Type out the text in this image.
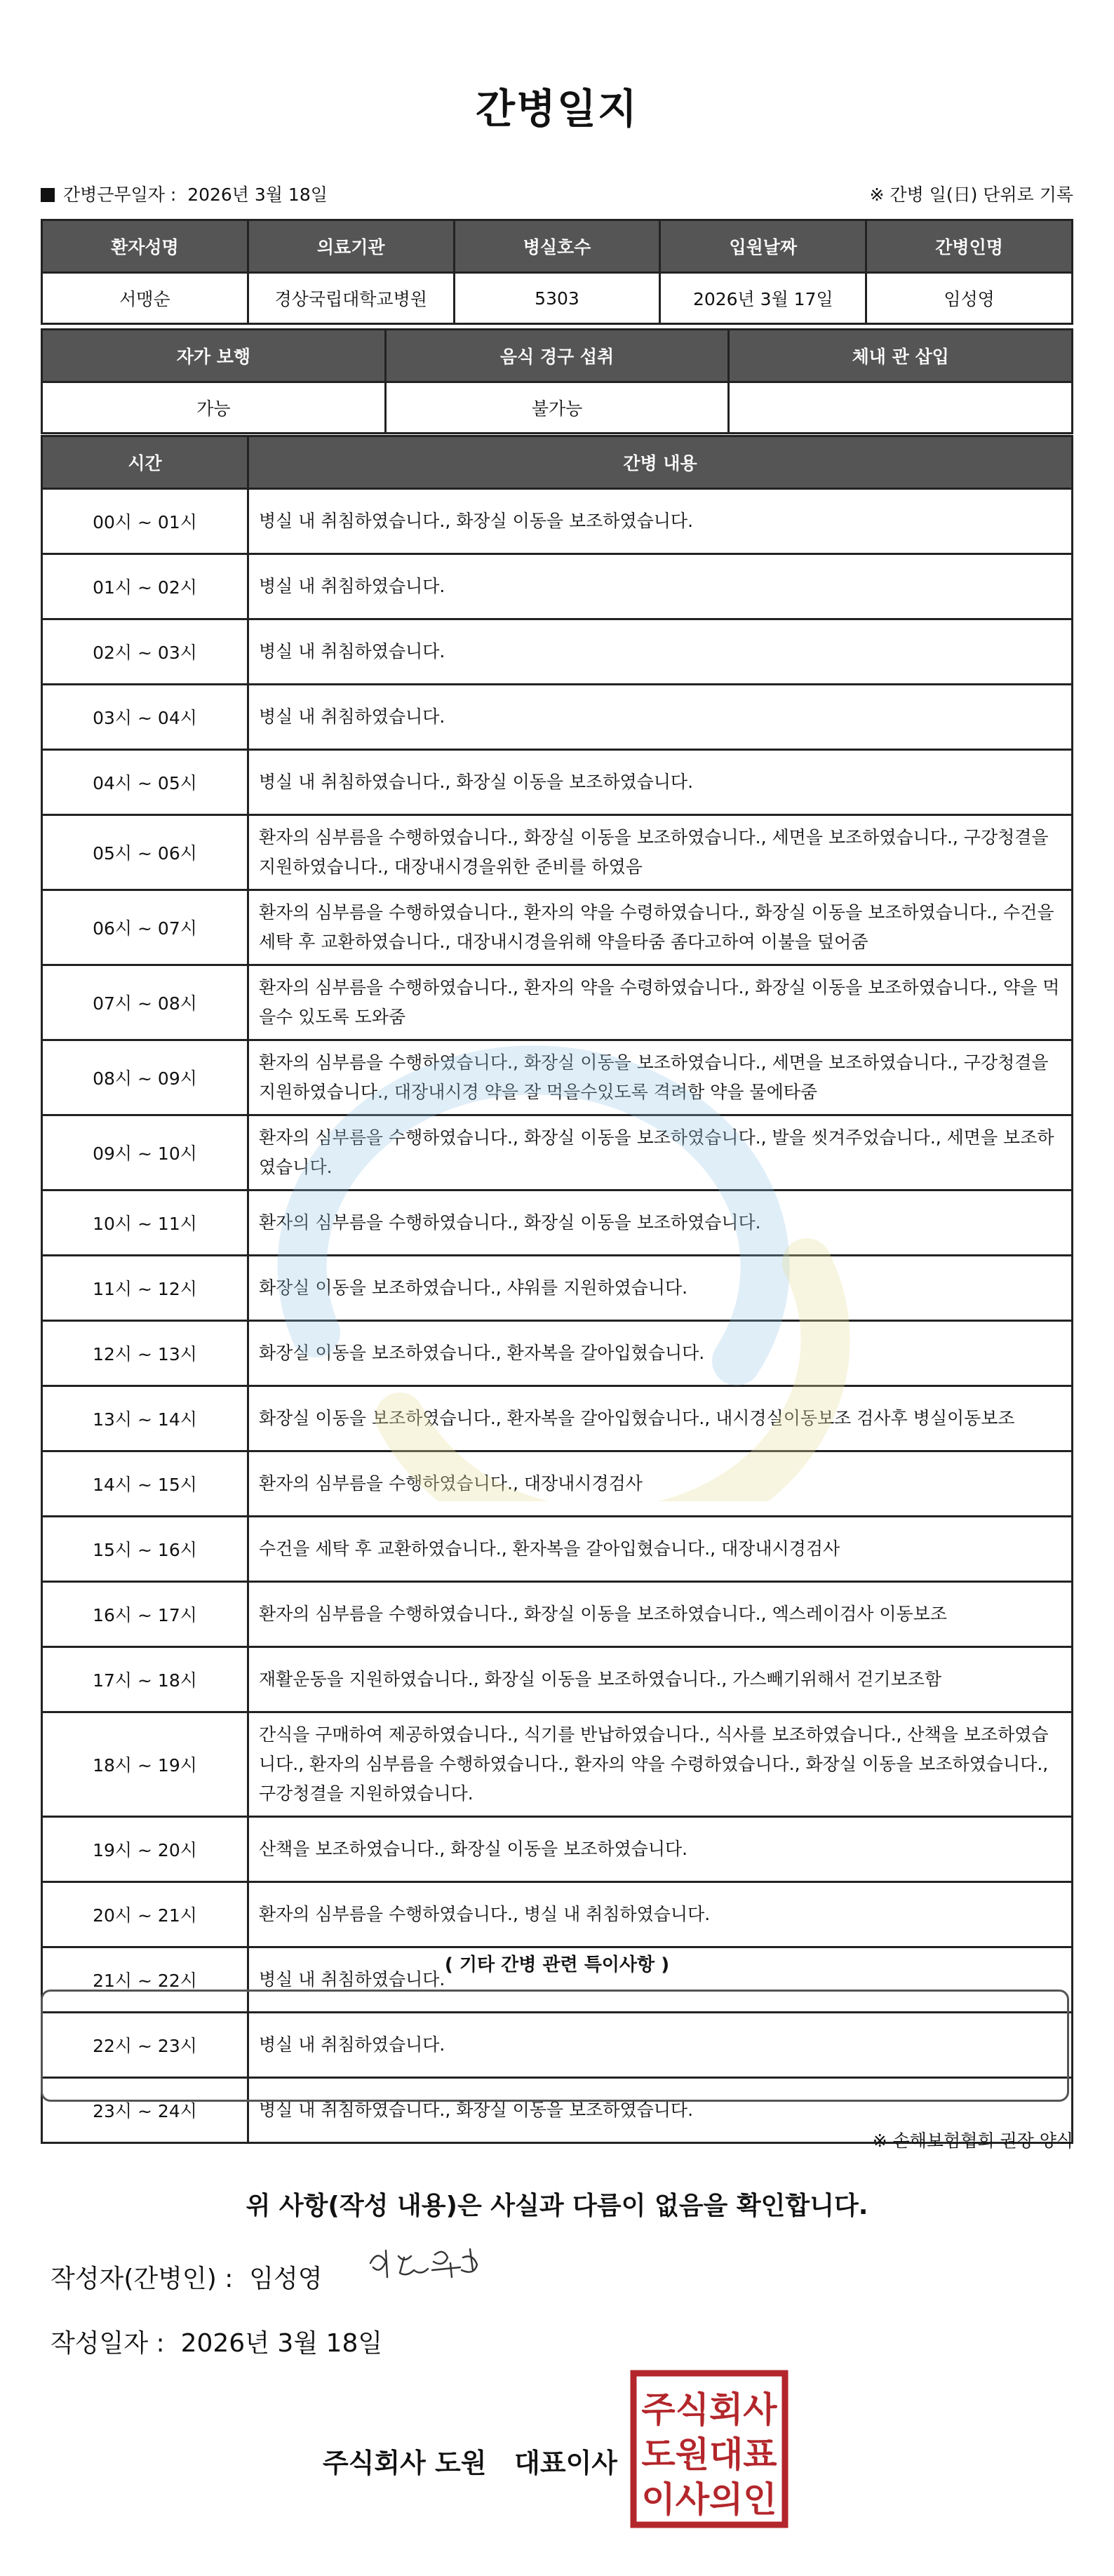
간병일지
간병근무일자 : 2026년 3월 18일	※ 간병 일(日) 단위로 기록
환자성명	의료기관	병실호수	입원날짜	간병인명
서맹순	경상국립대학교병원	5303	2026년 3월 17일	임성영
자가 보행	음식 경구 섭취	체내 관 삽입
가능	불가능	
시간	간병 내용
00시 ~ 01시	병실 내 취침하였습니다., 화장실 이동을 보조하였습니다.
01시 ~ 02시	병실 내 취침하였습니다.
02시 ~ 03시	병실 내 취침하였습니다.
03시 ~ 04시	병실 내 취침하였습니다.
04시 ~ 05시	병실 내 취침하였습니다., 화장실 이동을 보조하였습니다.
05시 ~ 06시	환자의 심부름을 수행하였습니다., 화장실 이동을 보조하였습니다., 세면을 보조하였습니다., 구강청결을 지원하였습니다., 대장내시경을위한 준비를 하였음
06시 ~ 07시	환자의 심부름을 수행하였습니다., 환자의 약을 수령하였습니다., 화장실 이동을 보조하였습니다., 수건을 세탁 후 교환하였습니다., 대장내시경을위해 약을타줌 좀다고하여 이불을 덮어줌
07시 ~ 08시	환자의 심부름을 수행하였습니다., 환자의 약을 수령하였습니다., 화장실 이동을 보조하였습니다., 약을 먹을수 있도록 도와줌
08시 ~ 09시	환자의 심부름을 수행하였습니다., 화장실 이동을 보조하였습니다., 세면을 보조하였습니다., 구강청결을 지원하였습니다., 대장내시경 약을 잘 먹을수있도록 격려함 약을 물에타줌
09시 ~ 10시	환자의 심부름을 수행하였습니다., 화장실 이동을 보조하였습니다., 발을 씻겨주었습니다., 세면을 보조하였습니다.
10시 ~ 11시	환자의 심부름을 수행하였습니다., 화장실 이동을 보조하였습니다.
11시 ~ 12시	화장실 이동을 보조하였습니다., 샤워를 지원하였습니다.
12시 ~ 13시	화장실 이동을 보조하였습니다., 환자복을 갈아입혔습니다.
13시 ~ 14시	화장실 이동을 보조하였습니다., 환자복을 갈아입혔습니다., 내시경실이동보조 검사후 병실이동보조
14시 ~ 15시	환자의 심부름을 수행하였습니다., 대장내시경검사
15시 ~ 16시	수건을 세탁 후 교환하였습니다., 환자복을 갈아입혔습니다., 대장내시경검사
16시 ~ 17시	환자의 심부름을 수행하였습니다., 화장실 이동을 보조하였습니다., 엑스레이검사 이동보조
17시 ~ 18시	재활운동을 지원하였습니다., 화장실 이동을 보조하였습니다., 가스빼기위해서 걷기보조함
18시 ~ 19시	간식을 구매하여 제공하였습니다., 식기를 반납하였습니다., 식사를 보조하였습니다., 산책을 보조하였습니다., 환자의 심부름을 수행하였습니다., 환자의 약을 수령하였습니다., 화장실 이동을 보조하였습니다., 구강청결을 지원하였습니다.
19시 ~ 20시	산책을 보조하였습니다., 화장실 이동을 보조하였습니다.
20시 ~ 21시	환자의 심부름을 수행하였습니다., 병실 내 취침하였습니다.
21시 ~ 22시	병실 내 취침하였습니다.
22시 ~ 23시	병실 내 취침하였습니다.
23시 ~ 24시	병실 내 취침하였습니다., 화장실 이동을 보조하였습니다.
( 기타 간병 관련 특이사항 )
※ 손해보험협회 권장 양식
위 사항(작성 내용)은 사실과 다름이 없음을 확인합니다.
작성자(간병인) : 임성영
작성일자 : 2026년 3월 18일
주식회사 도원   대표이사
주식회사
도원대표
이사의인
